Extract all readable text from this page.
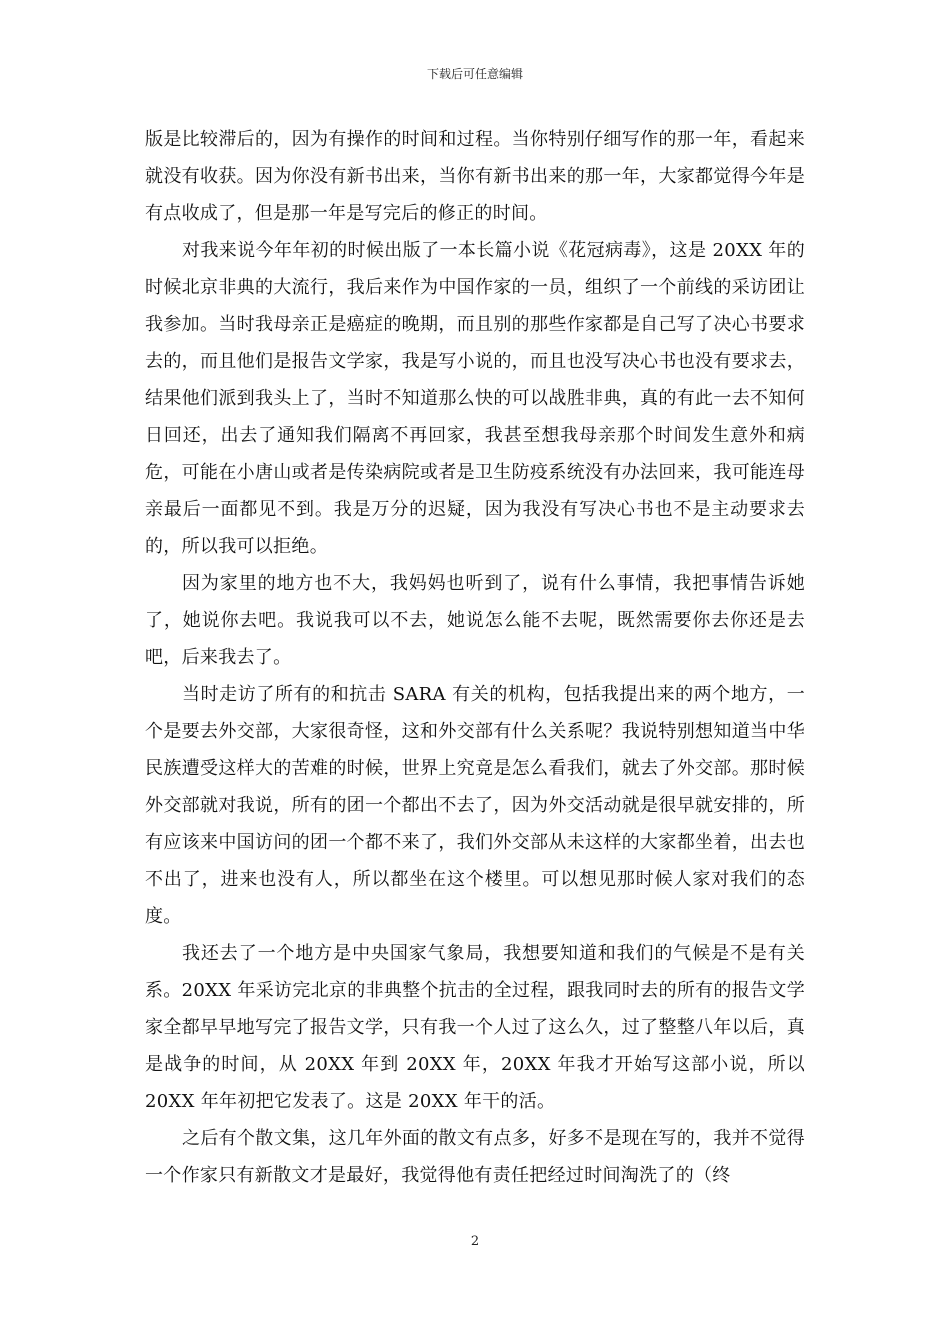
下载后可任意编辑

版是比较滞后的，因为有操作的时间和过程。当你特别仔细写作的那一年，看起来就没有收获。因为你没有新书出来，当你有新书出来的那一年，大家都觉得今年是有点收成了，但是那一年是写完后的修正的时间。

对我来说今年年初的时候出版了一本长篇小说《花冠病毒》，这是 20XX 年的时候北京非典的大流行，我后来作为中国作家的一员，组织了一个前线的采访团让我参加。当时我母亲正是癌症的晚期，而且别的那些作家都是自己写了决心书要求去的，而且他们是报告文学家，我是写小说的，而且也没写决心书也没有要求去，结果他们派到我头上了，当时不知道那么快的可以战胜非典，真的有此一去不知何日回还，出去了通知我们隔离不再回家，我甚至想我母亲那个时间发生意外和病危，可能在小唐山或者是传染病院或者是卫生防疫系统没有办法回来，我可能连母亲最后一面都见不到。我是万分的迟疑，因为我没有写决心书也不是主动要求去的，所以我可以拒绝。

因为家里的地方也不大，我妈妈也听到了，说有什么事情，我把事情告诉她了，她说你去吧。我说我可以不去，她说怎么能不去呢，既然需要你去你还是去吧，后来我去了。

当时走访了所有的和抗击 SARA 有关的机构，包括我提出来的两个地方，一个是要去外交部，大家很奇怪，这和外交部有什么关系呢？我说特别想知道当中华民族遭受这样大的苦难的时候，世界上究竟是怎么看我们，就去了外交部。那时候外交部就对我说，所有的团一个都出不去了，因为外交活动就是很早就安排的，所有应该来中国访问的团一个都不来了，我们外交部从未这样的大家都坐着，出去也不出了，进来也没有人，所以都坐在这个楼里。可以想见那时候人家对我们的态度。

我还去了一个地方是中央国家气象局，我想要知道和我们的气候是不是有关系。20XX 年采访完北京的非典整个抗击的全过程，跟我同时去的所有的报告文学家全都早早地写完了报告文学，只有我一个人过了这么久，过了整整八年以后，真是战争的时间，从 20XX 年到 20XX 年，20XX 年我才开始写这部小说，所以 20XX 年年初把它发表了。这是 20XX 年干的活。

之后有个散文集，这几年外面的散文有点多，好多不是现在写的，我并不觉得一个作家只有新散文才是最好，我觉得他有责任把经过时间淘洗了的（终

2
